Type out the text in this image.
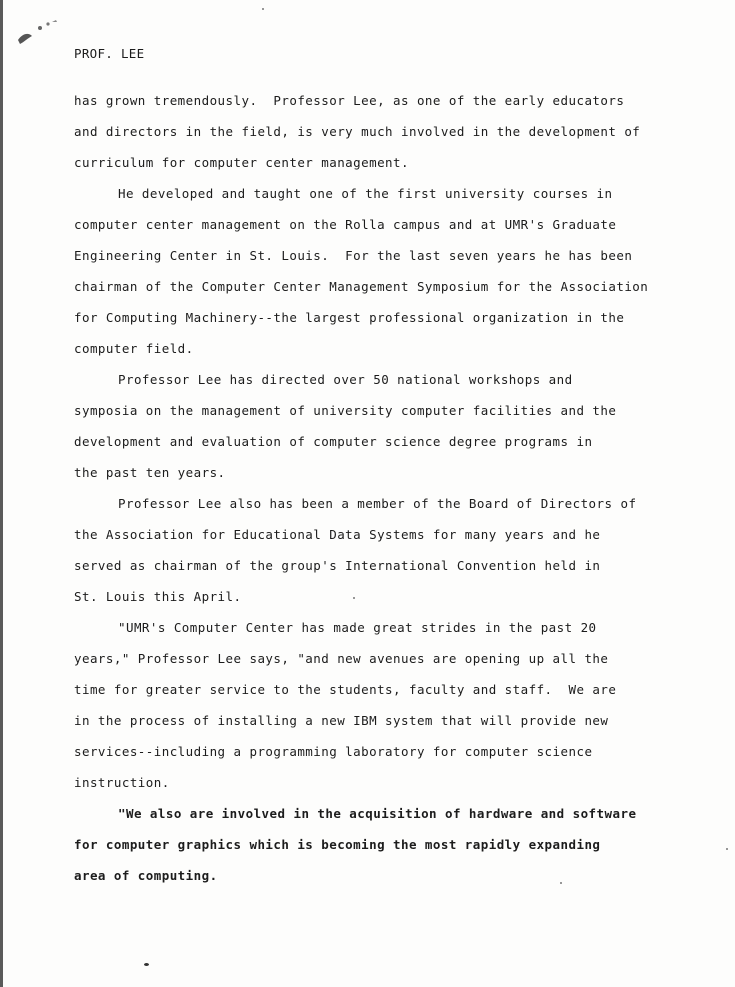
PROF. LEE
has grown tremendously.  Professor Lee, as one of the early educators
and directors in the field, is very much involved in the development of
curriculum for computer center management.
He developed and taught one of the first university courses in
computer center management on the Rolla campus and at UMR's Graduate
Engineering Center in St. Louis.  For the last seven years he has been
chairman of the Computer Center Management Symposium for the Association
for Computing Machinery--the largest professional organization in the
computer field.
Professor Lee has directed over 50 national workshops and
symposia on the management of university computer facilities and the
development and evaluation of computer science degree programs in
the past ten years.
Professor Lee also has been a member of the Board of Directors of
the Association for Educational Data Systems for many years and he
served as chairman of the group's International Convention held in
St. Louis this April.
"UMR's Computer Center has made great strides in the past 20
years," Professor Lee says, "and new avenues are opening up all the
time for greater service to the students, faculty and staff.  We are
in the process of installing a new IBM system that will provide new
services--including a programming laboratory for computer science
instruction.
"We also are involved in the acquisition of hardware and software
for computer graphics which is becoming the most rapidly expanding
area of computing.
